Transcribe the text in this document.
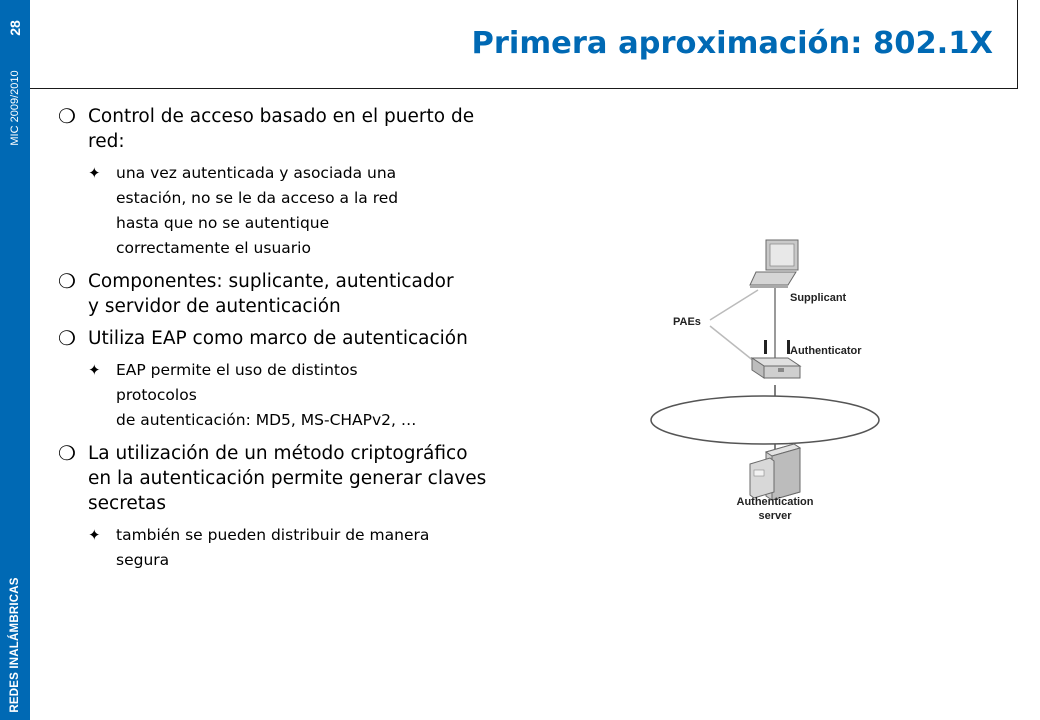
28
MIC 2009/2010
REDES INALÁMBRICAS
Primera aproximación: 802.1X
❍ Control de acceso basado en el puerto de
red:
✦ una vez autenticada y asociada una
estación, no se le da acceso a la red
hasta que no se autentique
correctamente el usuario
❍ Componentes: suplicante, autenticador
y servidor de autenticación
❍ Utiliza EAP como marco de autenticación
✦ EAP permite el uso de distintos
protocolos
de autenticación: MD5, MS-CHAPv2, …
❍ La utilización de un método criptográfico
en la autenticación permite generar claves
secretas
✦ también se pueden distribuir de manera
segura
Supplicant
PAEs
Authenticator
Authentication
server
